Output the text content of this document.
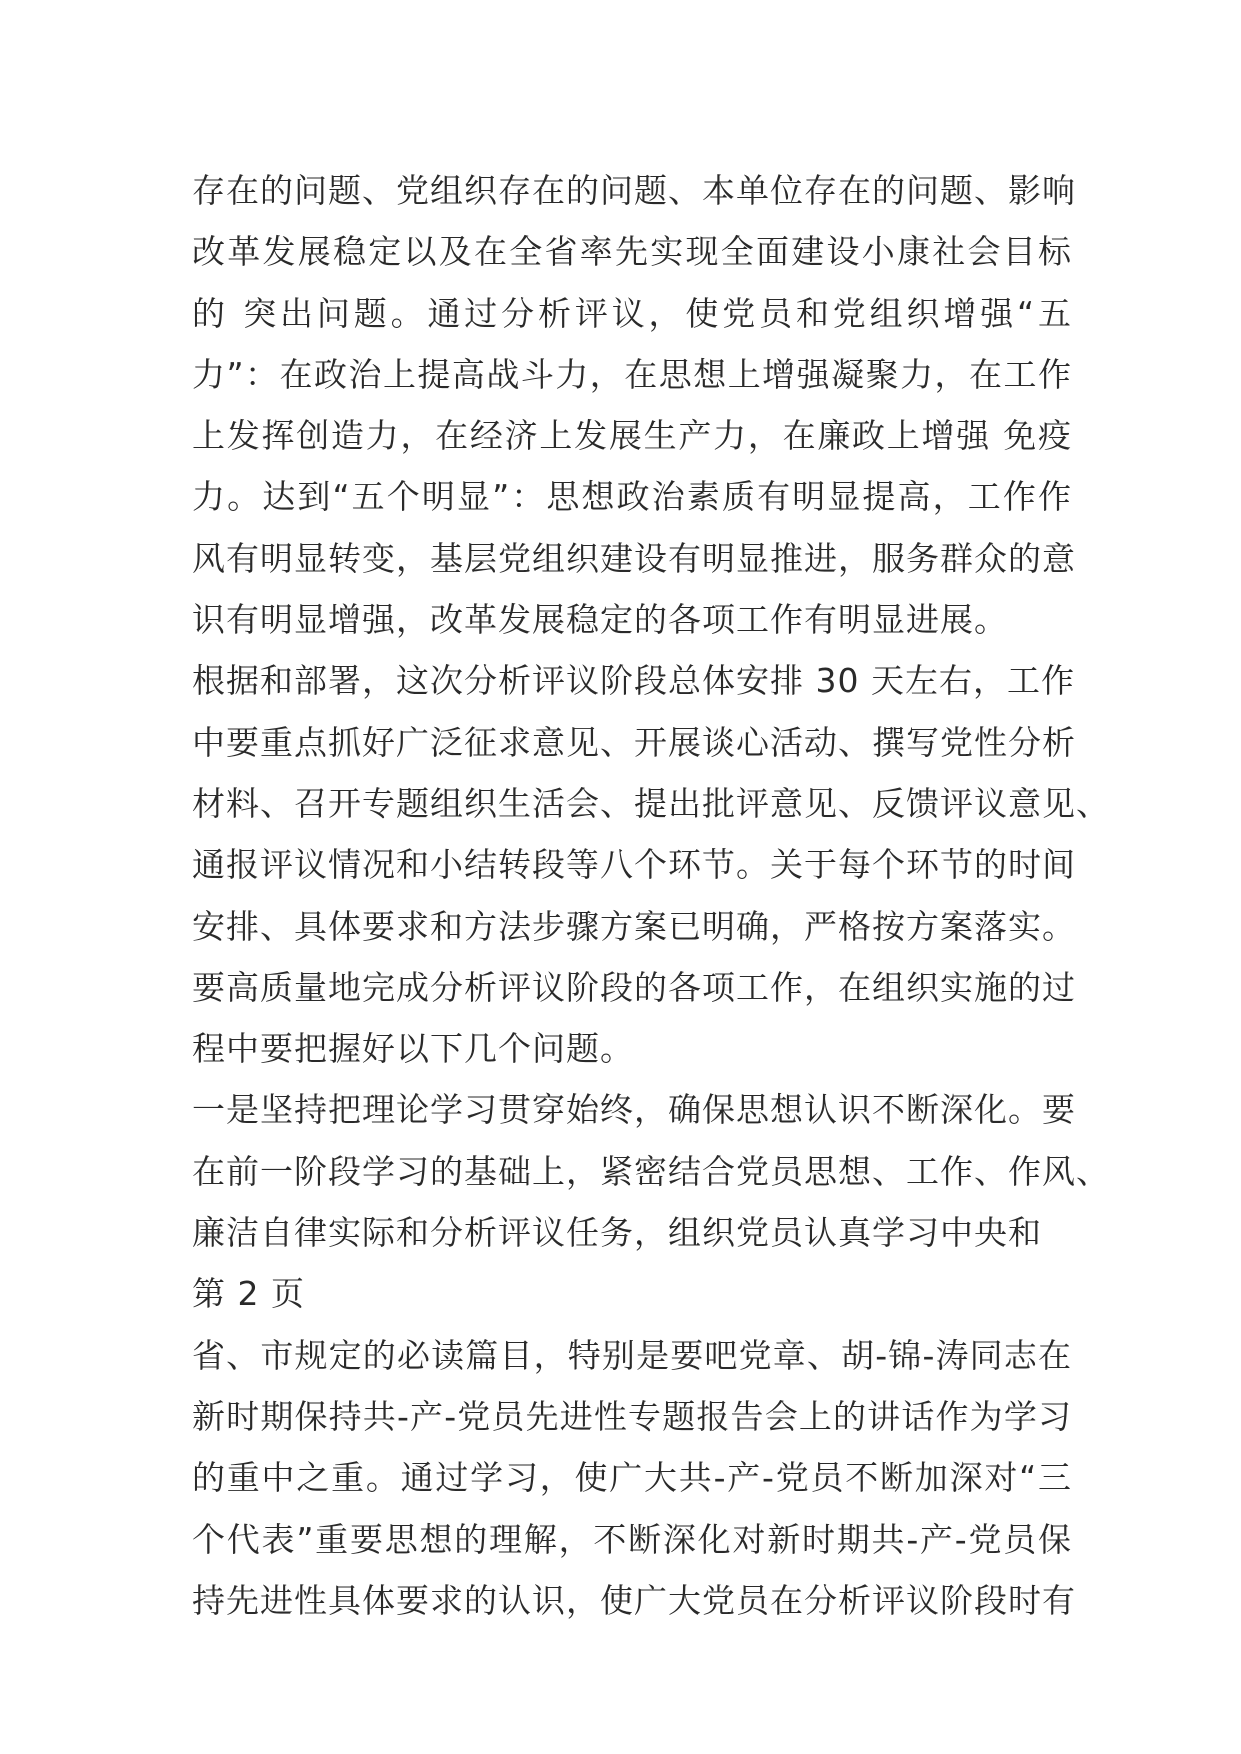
存在的问题、党组织存在的问题、本单位存在的问题、影响
改革发展稳定以及在全省率先实现全面建设小康社会目标
的 突出问题。通过分析评议，使党员和党组织增强“五
力”：在政治上提高战斗力，在思想上增强凝聚力，在工作
上发挥创造力，在经济上发展生产力，在廉政上增强 免疫
力。达到“五个明显”：思想政治素质有明显提高，工作作
风有明显转变，基层党组织建设有明显推进，服务群众的意
识有明显增强，改革发展稳定的各项工作有明显进展。
根据和部署，这次分析评议阶段总体安排 30 天左右，工作
中要重点抓好广泛征求意见、开展谈心活动、撰写党性分析
材料、召开专题组织生活会、提出批评意见、反馈评议意见、
通报评议情况和小结转段等八个环节。关于每个环节的时间
安排、具体要求和方法步骤方案已明确，严格按方案落实。
要高质量地完成分析评议阶段的各项工作，在组织实施的过
程中要把握好以下几个问题。
一是坚持把理论学习贯穿始终，确保思想认识不断深化。要
在前一阶段学习的基础上，紧密结合党员思想、工作、作风、
廉洁自律实际和分析评议任务，组织党员认真学习中央和
第 2 页
省、市规定的必读篇目，特别是要吧党章、胡-锦-涛同志在
新时期保持共-产-党员先进性专题报告会上的讲话作为学习
的重中之重。通过学习，使广大共-产-党员不断加深对“三
个代表”重要思想的理解，不断深化对新时期共-产-党员保
持先进性具体要求的认识，使广大党员在分析评议阶段时有
